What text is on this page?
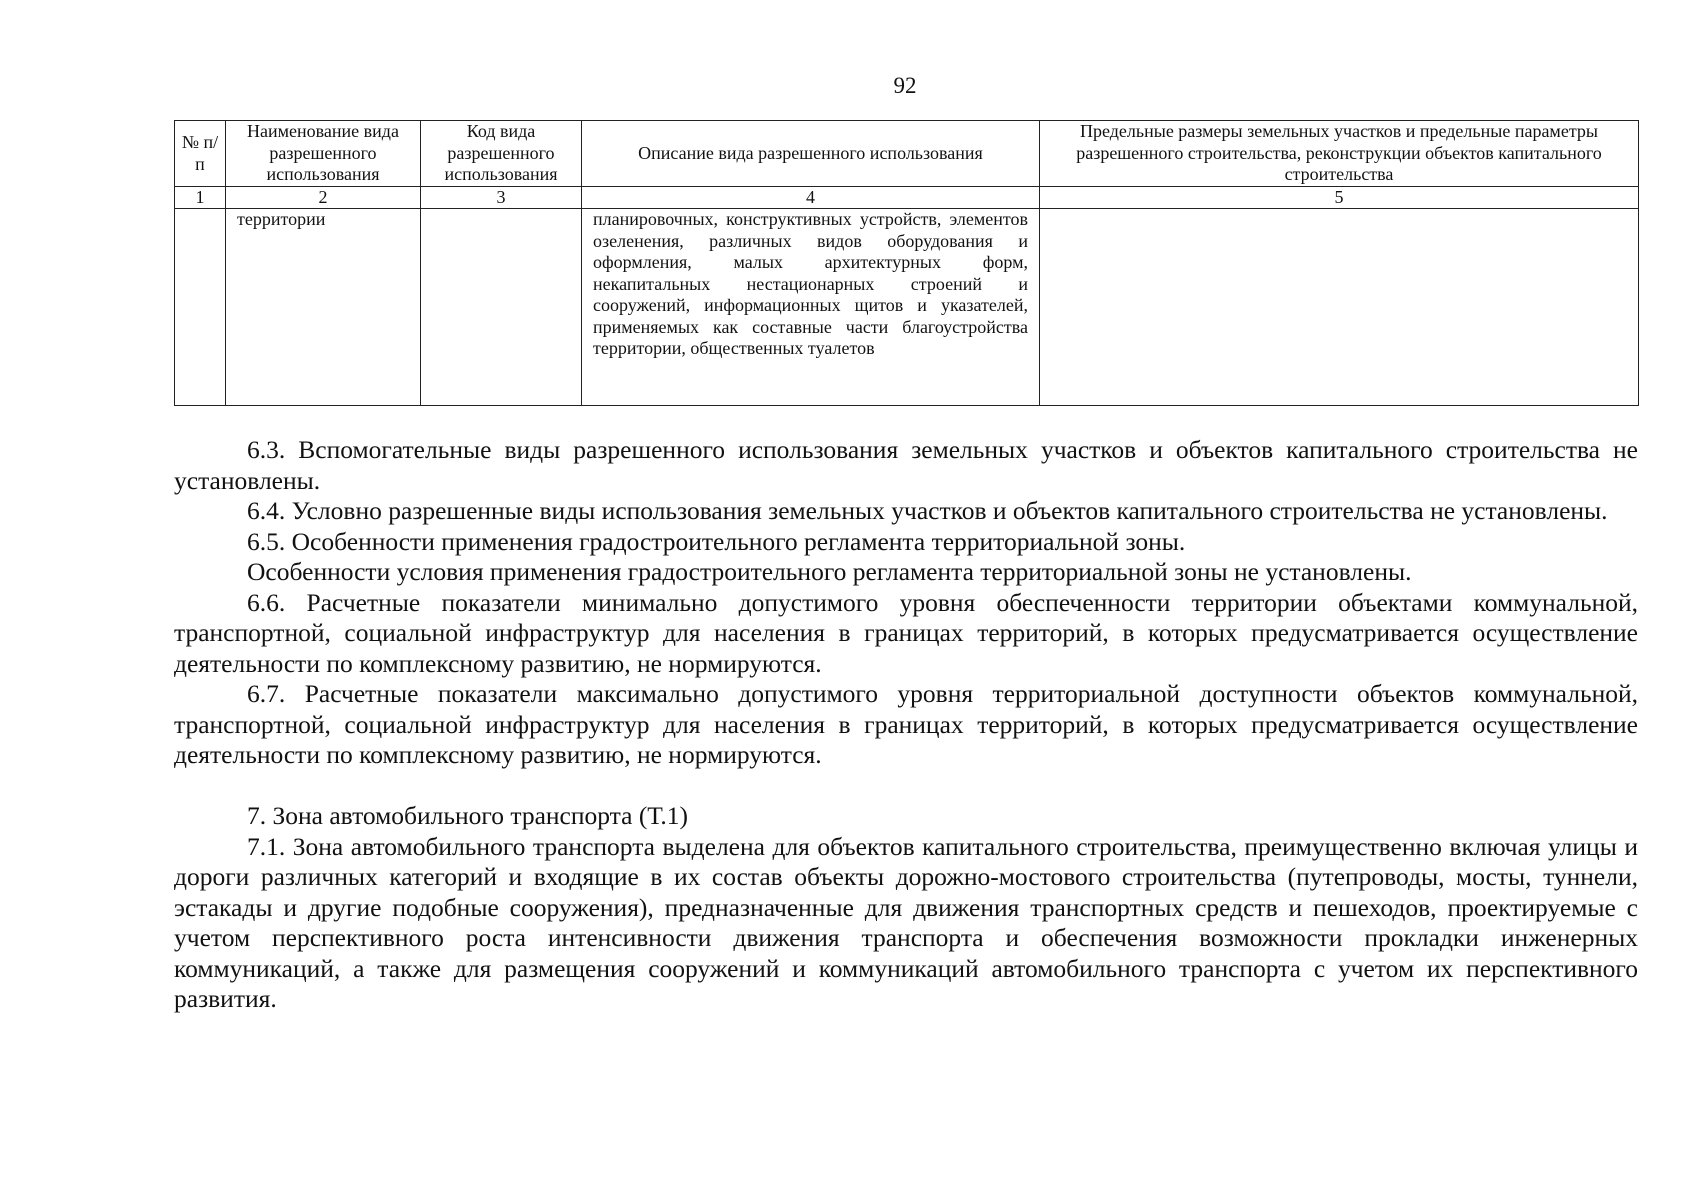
92
№ п/п	Наименование вида разрешенного использования	Код вида разрешенного использования	Описание вида разрешенного использования	Предельные размеры земельных участков и предельные параметры разрешенного строительства, реконструкции объектов капитального строительства
1	2	3	4	5
	территории		планировочных, конструктивных устройств, элементов озеленения, различных видов оборудования и оформления, малых архитектурных форм, некапитальных нестационарных строений и сооружений, информационных щитов и указателей, применяемых как составные части благоустройства территории, общественных туалетов	

6.3. Вспомогательные виды разрешенного использования земельных участков и объектов капитального строительства не установлены.

6.4. Условно разрешенные виды использования земельных участков и объектов капитального строительства не установлены.

6.5. Особенности применения градостроительного регламента территориальной зоны.

Особенности условия применения градостроительного регламента территориальной зоны не установлены.

6.6. Расчетные показатели минимально допустимого уровня обеспеченности территории объектами коммунальной, транспортной, социальной инфраструктур для населения в границах территорий, в которых предусматривается осуществление деятельности по комплексному развитию, не нормируются.

6.7. Расчетные показатели максимально допустимого уровня территориальной доступности объектов коммунальной, транспортной, социальной инфраструктур для населения в границах территорий, в которых предусматривается осуществление деятельности по комплексному развитию, не нормируются.

7. Зона автомобильного транспорта (Т.1)

7.1. Зона автомобильного транспорта выделена для объектов капитального строительства, преимущественно включая улицы и дороги различных категорий и входящие в их состав объекты дорожно-мостового строительства (путепроводы, мосты, туннели, эстакады и другие подобные сооружения), предназначенные для движения транспортных средств и пешеходов, проектируемые с учетом перспективного роста интенсивности движения транспорта и обеспечения возможности прокладки инженерных коммуникаций, а также для размещения сооружений и коммуникаций автомобильного транспорта с учетом их перспективного развития.
